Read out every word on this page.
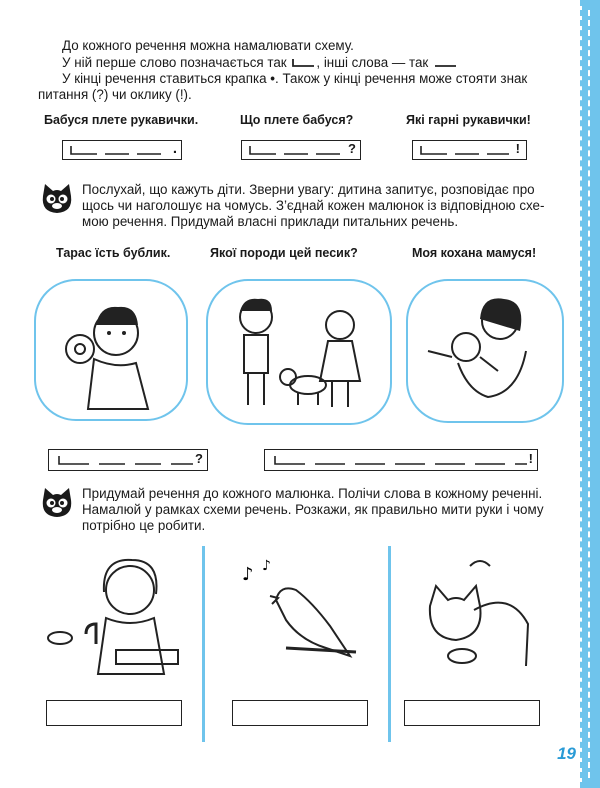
До кожного речення можна намалювати схему.
У ній перше слово позначається так , інші слова — так
У кінці речення ставиться крапка •. Також у кінці речення може стояти знак
питання (?) чи оклику (!).
Бабуся плете рукавички.	Що плете бабуся?	Які гарні рукавички!
.	?	!
Послухай, що кажуть діти. Зверни увагу: дитина запитує, розповідає про
щось чи наголошує на чомусь. З’єднай кожен малюнок із відповідною схе-
мою речення. Придумай власні приклади питальних речень.
Тарас їсть бублик.	Якої породи цей песик?	Моя кохана мамуся!
?	!
Придумай речення до кожного малюнка. Полічи слова в кожному реченні.
Намалюй у рамках схеми речень. Розкажи, як правильно мити руки і чому
потрібно це робити.
♪ ♪
19
